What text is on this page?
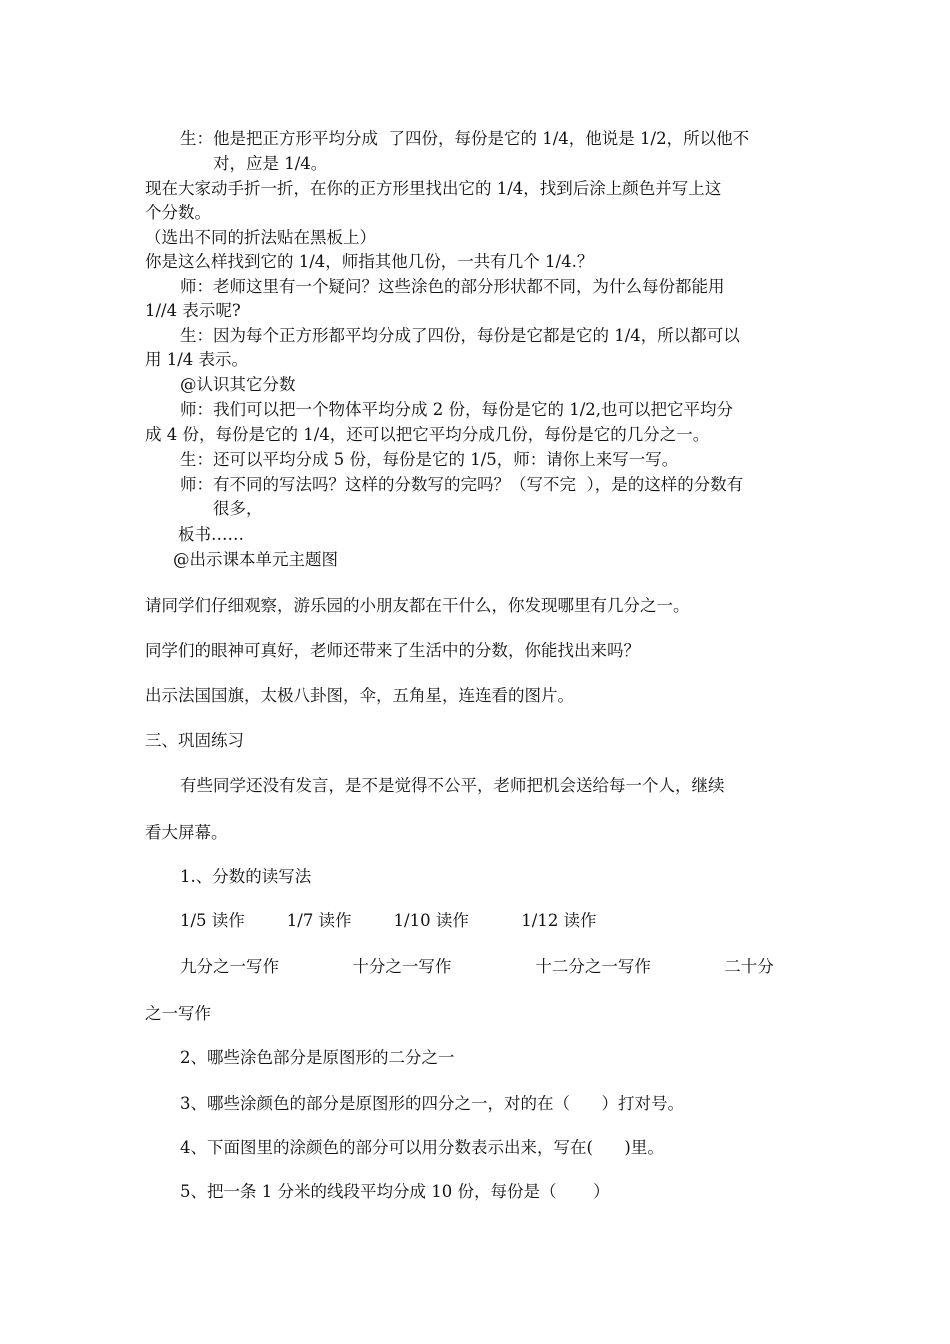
生：他是把正方形平均分成  了四份，每份是它的 1/4，他说是 1/2，所以他不

对，应是 1/4。

现在大家动手折一折，在你的正方形里找出它的 1/4，找到后涂上颜色并写上这

个分数。

（选出不同的折法贴在黑板上）

你是这么样找到它的 1/4，师指其他几份，一共有几个 1/4.？

师：老师这里有一个疑问？这些涂色的部分形状都不同，为什么每份都能用

1//4 表示呢?

生：因为每个正方形都平均分成了四份，每份是它都是它的 1/4，所以都可以

用 1/4 表示。

@认识其它分数

师：我们可以把一个物体平均分成 2 份，每份是它的 1/2,也可以把它平均分

成 4 份，每份是它的 1/4，还可以把它平均分成几份，每份是它的几分之一。

生：还可以平均分成 5 份，每份是它的 1/5，师：请你上来写一写。

师：有不同的写法吗？这样的分数写的完吗？（写不完  ），是的这样的分数有

很多，

板书……

@出示课本单元主题图

请同学们仔细观察，游乐园的小朋友都在干什么，你发现哪里有几分之一。

同学们的眼神可真好，老师还带来了生活中的分数，你能找出来吗？

出示法国国旗，太极八卦图，伞，五角星，连连看的图片。

三、巩固练习

有些同学还没有发言，是不是觉得不公平，老师把机会送给每一个人，继续

看大屏幕。

1.、分数的读写法

1/5 读作        1/7 读作        1/10 读作          1/12 读作

九分之一写作              十分之一写作                十二分之一写作              二十分

之一写作

2、哪些涂色部分是原图形的二分之一

3、哪些涂颜色的部分是原图形的四分之一，对的在（      ）打对号。

4、下面图里的涂颜色的部分可以用分数表示出来，写在(      )里。

5、把一条 1 分米的线段平均分成 10 份，每份是（       ）
